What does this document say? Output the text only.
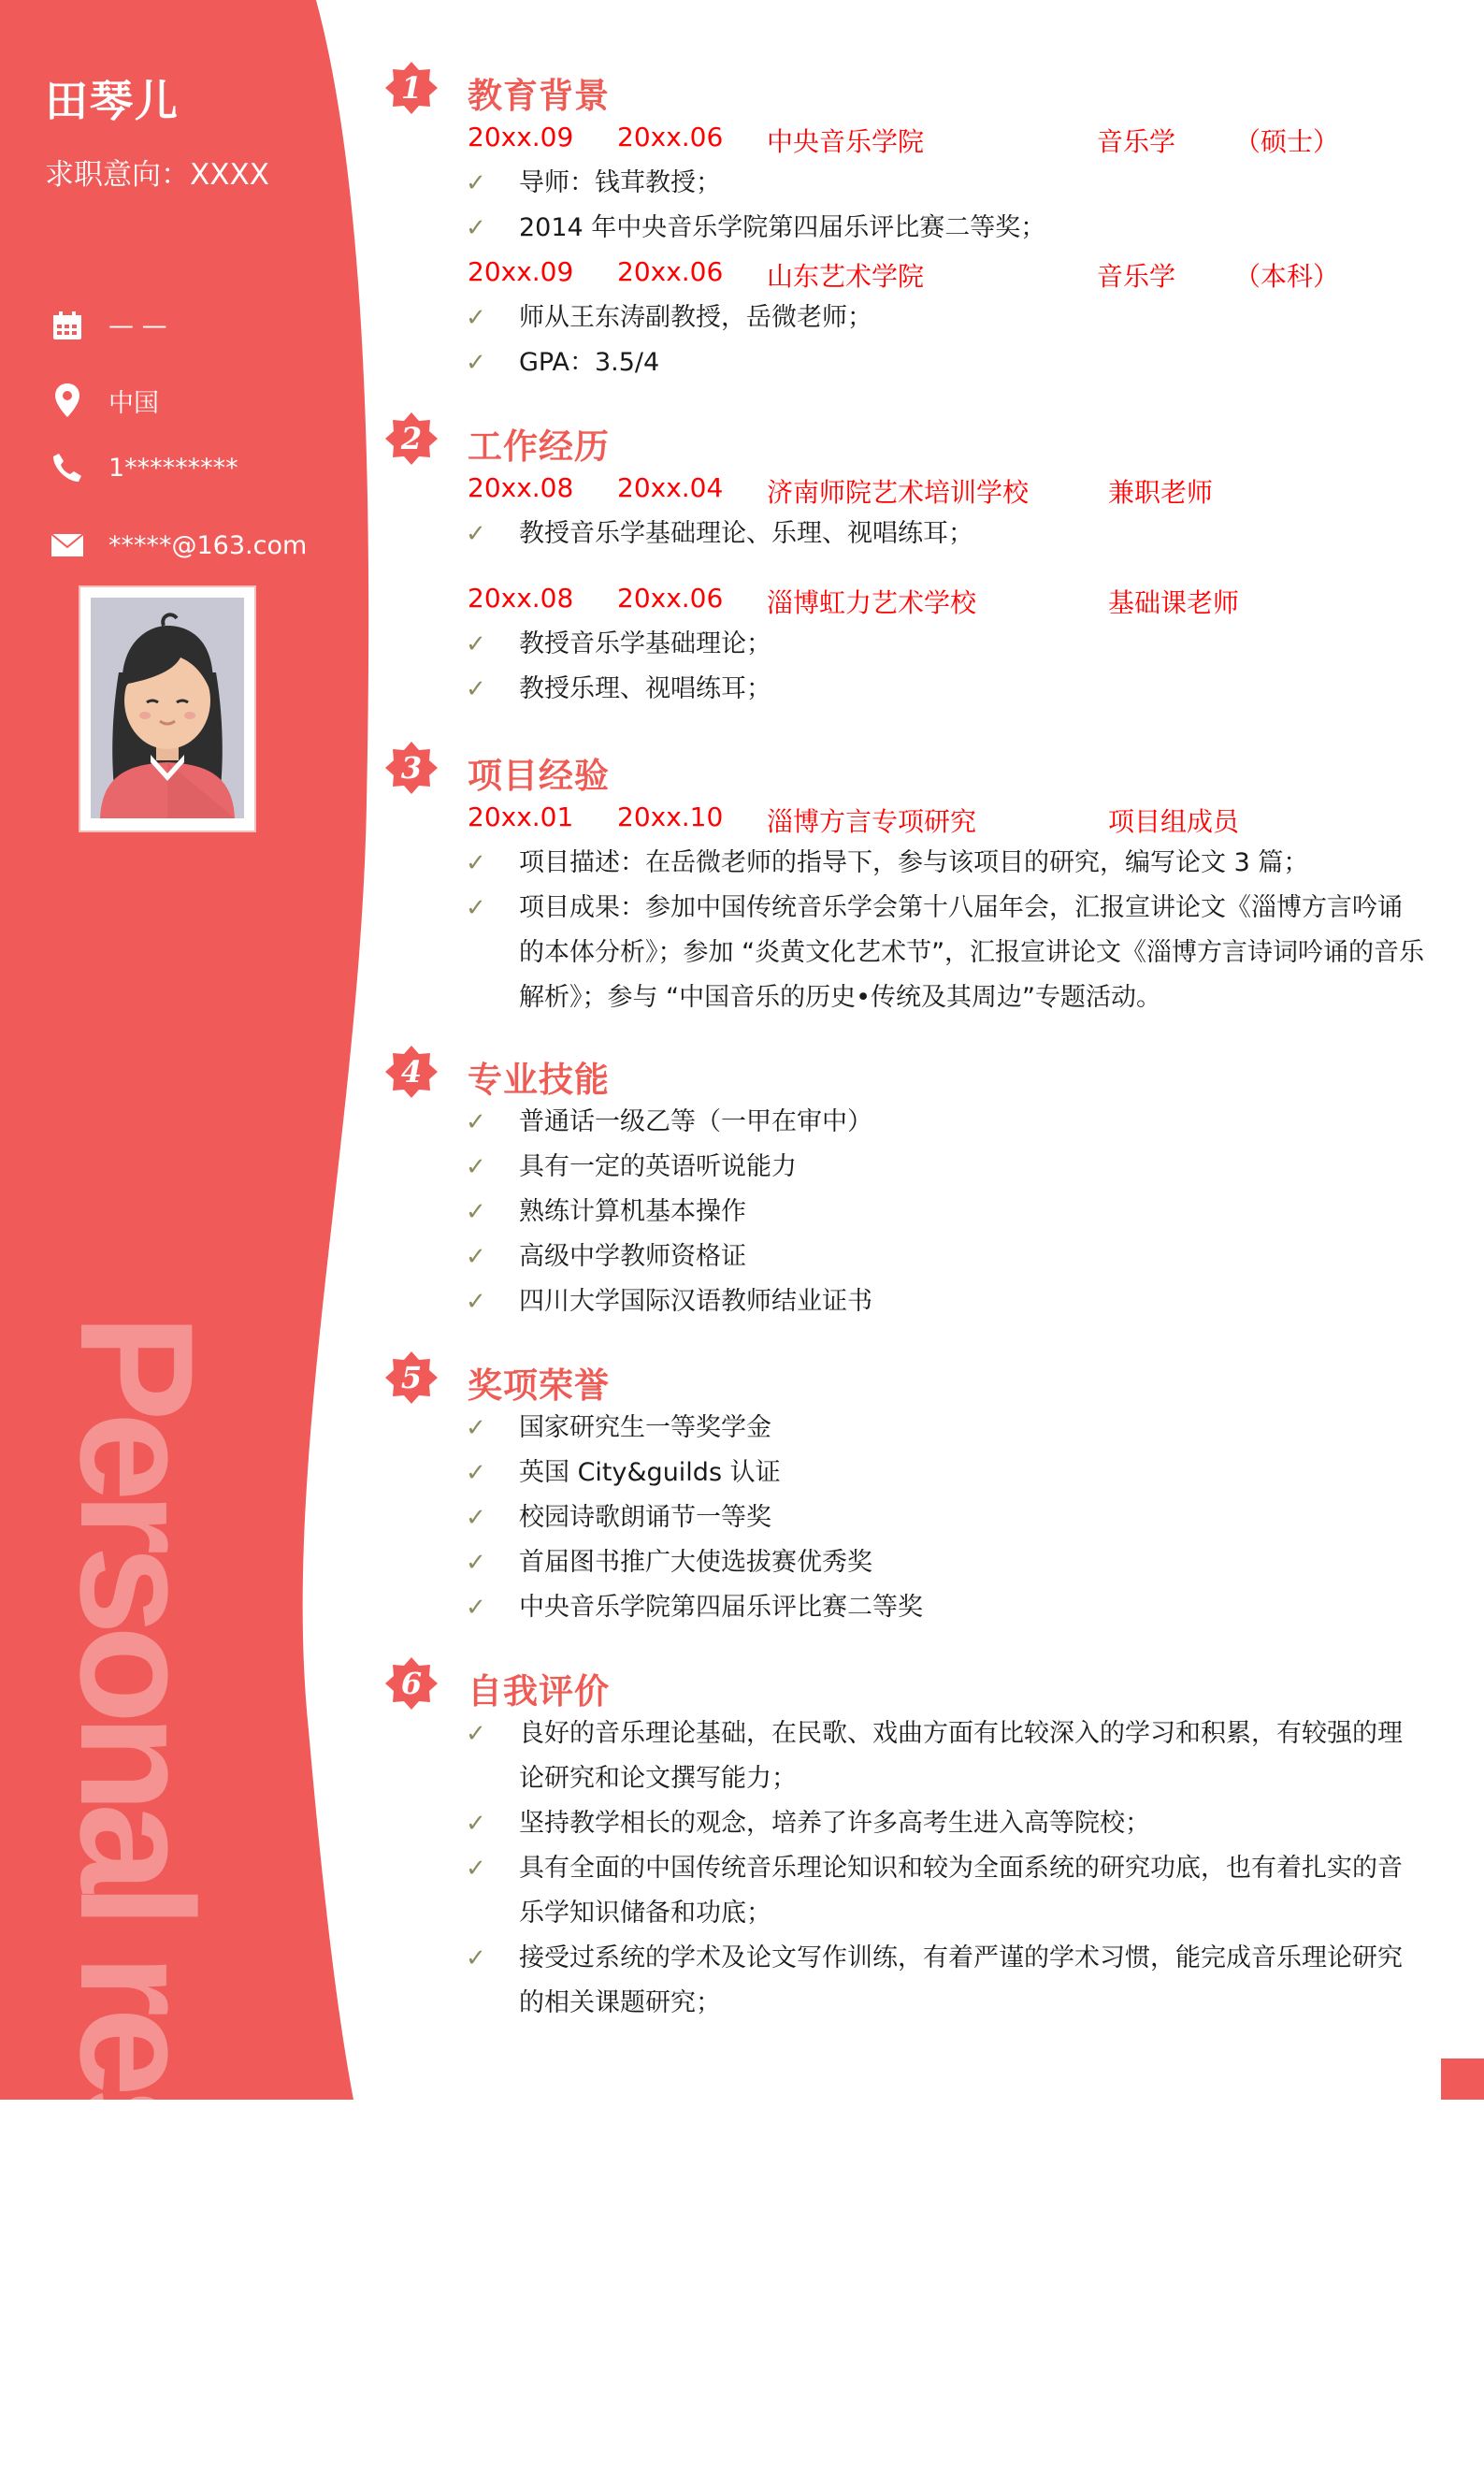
Personal resume
田琴儿
求职意向：XXXX
— —
中国
1*********
*****@163.com
1	教育背景
20xx.09 20xx.06 中央音乐学院	音乐学 （硕士）
✓ 导师：钱茸教授；
✓ 2014 年中央音乐学院第四届乐评比赛二等奖；
20xx.09 20xx.06 山东艺术学院	音乐学 （本科）
✓ 师从王东涛副教授，岳微老师；
✓ GPA：3.5/4
2	工作经历
20xx.08 20xx.04 济南师院艺术培训学校	兼职老师
✓ 教授音乐学基础理论、乐理、视唱练耳；
20xx.08 20xx.06 淄博虹力艺术学校	基础课老师
✓ 教授音乐学基础理论；
✓ 教授乐理、视唱练耳；
3	项目经验
20xx.01 20xx.10 淄博方言专项研究	项目组成员
✓ 项目描述：在岳微老师的指导下，参与该项目的研究，编写论文 3 篇；
✓ 项目成果：参加中国传统音乐学会第十八届年会，汇报宣讲论文《淄博方言吟诵的本体分析》；参加 “炎黄文化艺术节”，汇报宣讲论文《淄博方言诗词吟诵的音乐解析》；参与 “中国音乐的历史•传统及其周边”专题活动。
4	专业技能
✓ 普通话一级乙等（一甲在审中）
✓ 具有一定的英语听说能力
✓ 熟练计算机基本操作
✓ 高级中学教师资格证
✓ 四川大学国际汉语教师结业证书
5	奖项荣誉
✓ 国家研究生一等奖学金
✓ 英国 City&guilds 认证
✓ 校园诗歌朗诵节一等奖
✓ 首届图书推广大使选拔赛优秀奖
✓ 中央音乐学院第四届乐评比赛二等奖
6	自我评价
✓ 良好的音乐理论基础，在民歌、戏曲方面有比较深入的学习和积累，有较强的理论研究和论文撰写能力；
✓ 坚持教学相长的观念，培养了许多高考生进入高等院校；
✓ 具有全面的中国传统音乐理论知识和较为全面系统的研究功底，也有着扎实的音乐学知识储备和功底；
✓ 接受过系统的学术及论文写作训练，有着严谨的学术习惯，能完成音乐理论研究的相关课题研究；
